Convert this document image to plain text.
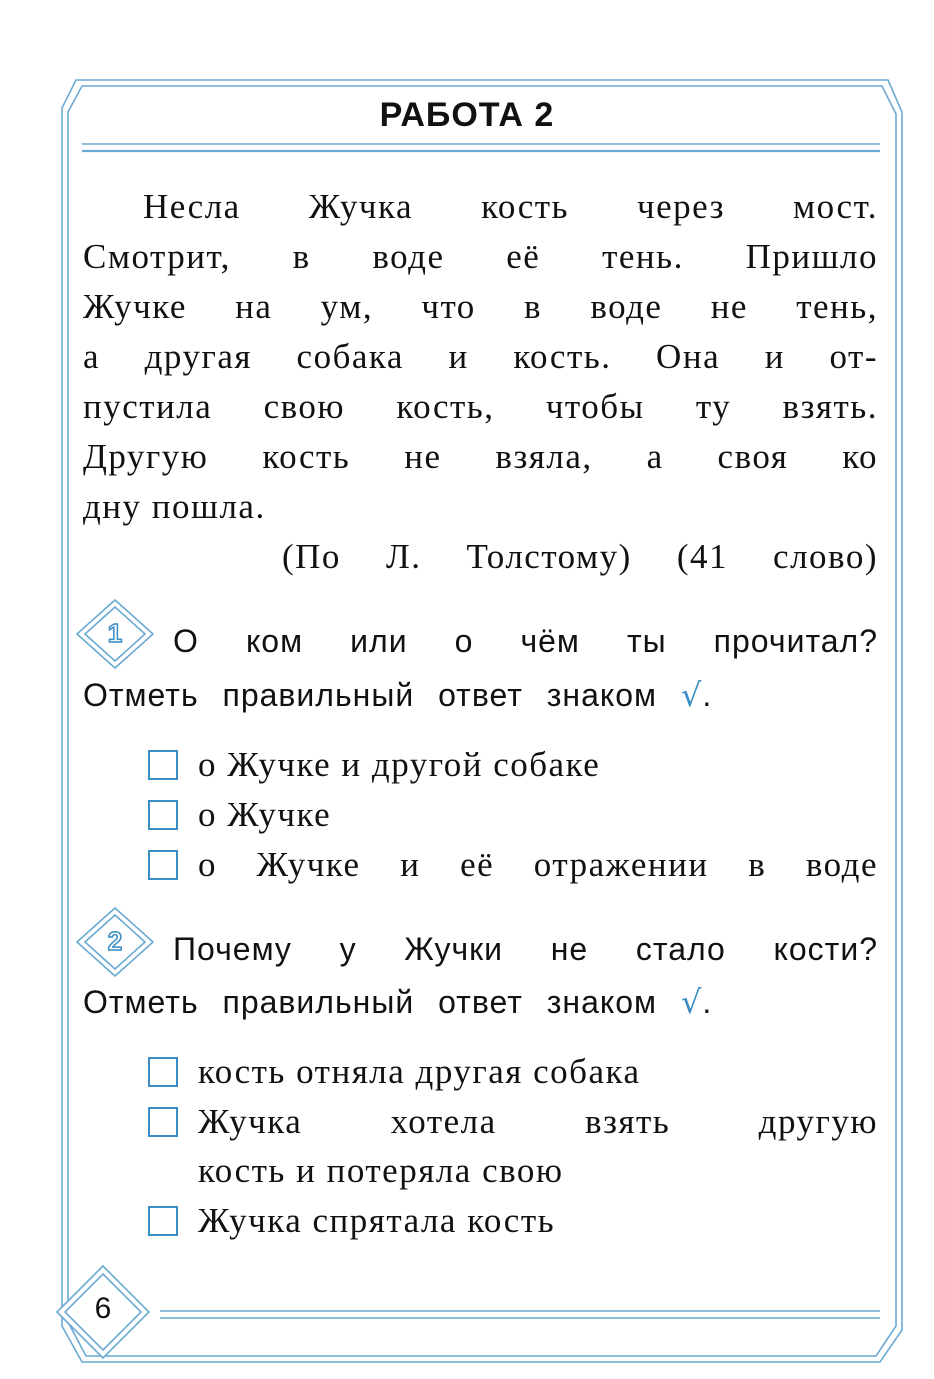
РАБОТА 2
Несла Жучка кость через мост.
Смотрит, в воде её тень. Пришло
Жучке на ум, что в воде не тень,
а другая собака и кость. Она и от-
пустила свою кость, чтобы ту взять.
Другую кость не взяла, а своя ко
дну пошла.
(По Л. Толстому) (41 слово)
1 О ком или о чём ты прочитал?
Отметь правильный ответ знаком √.
о Жучке и другой собаке
о Жучке
о Жучке и её отражении в воде
2 Почему у Жучки не стало кости?
Отметь правильный ответ знаком √.
кость отняла другая собака
Жучка хотела взять другую
кость и потеряла свою
Жучка спрятала кость
6
